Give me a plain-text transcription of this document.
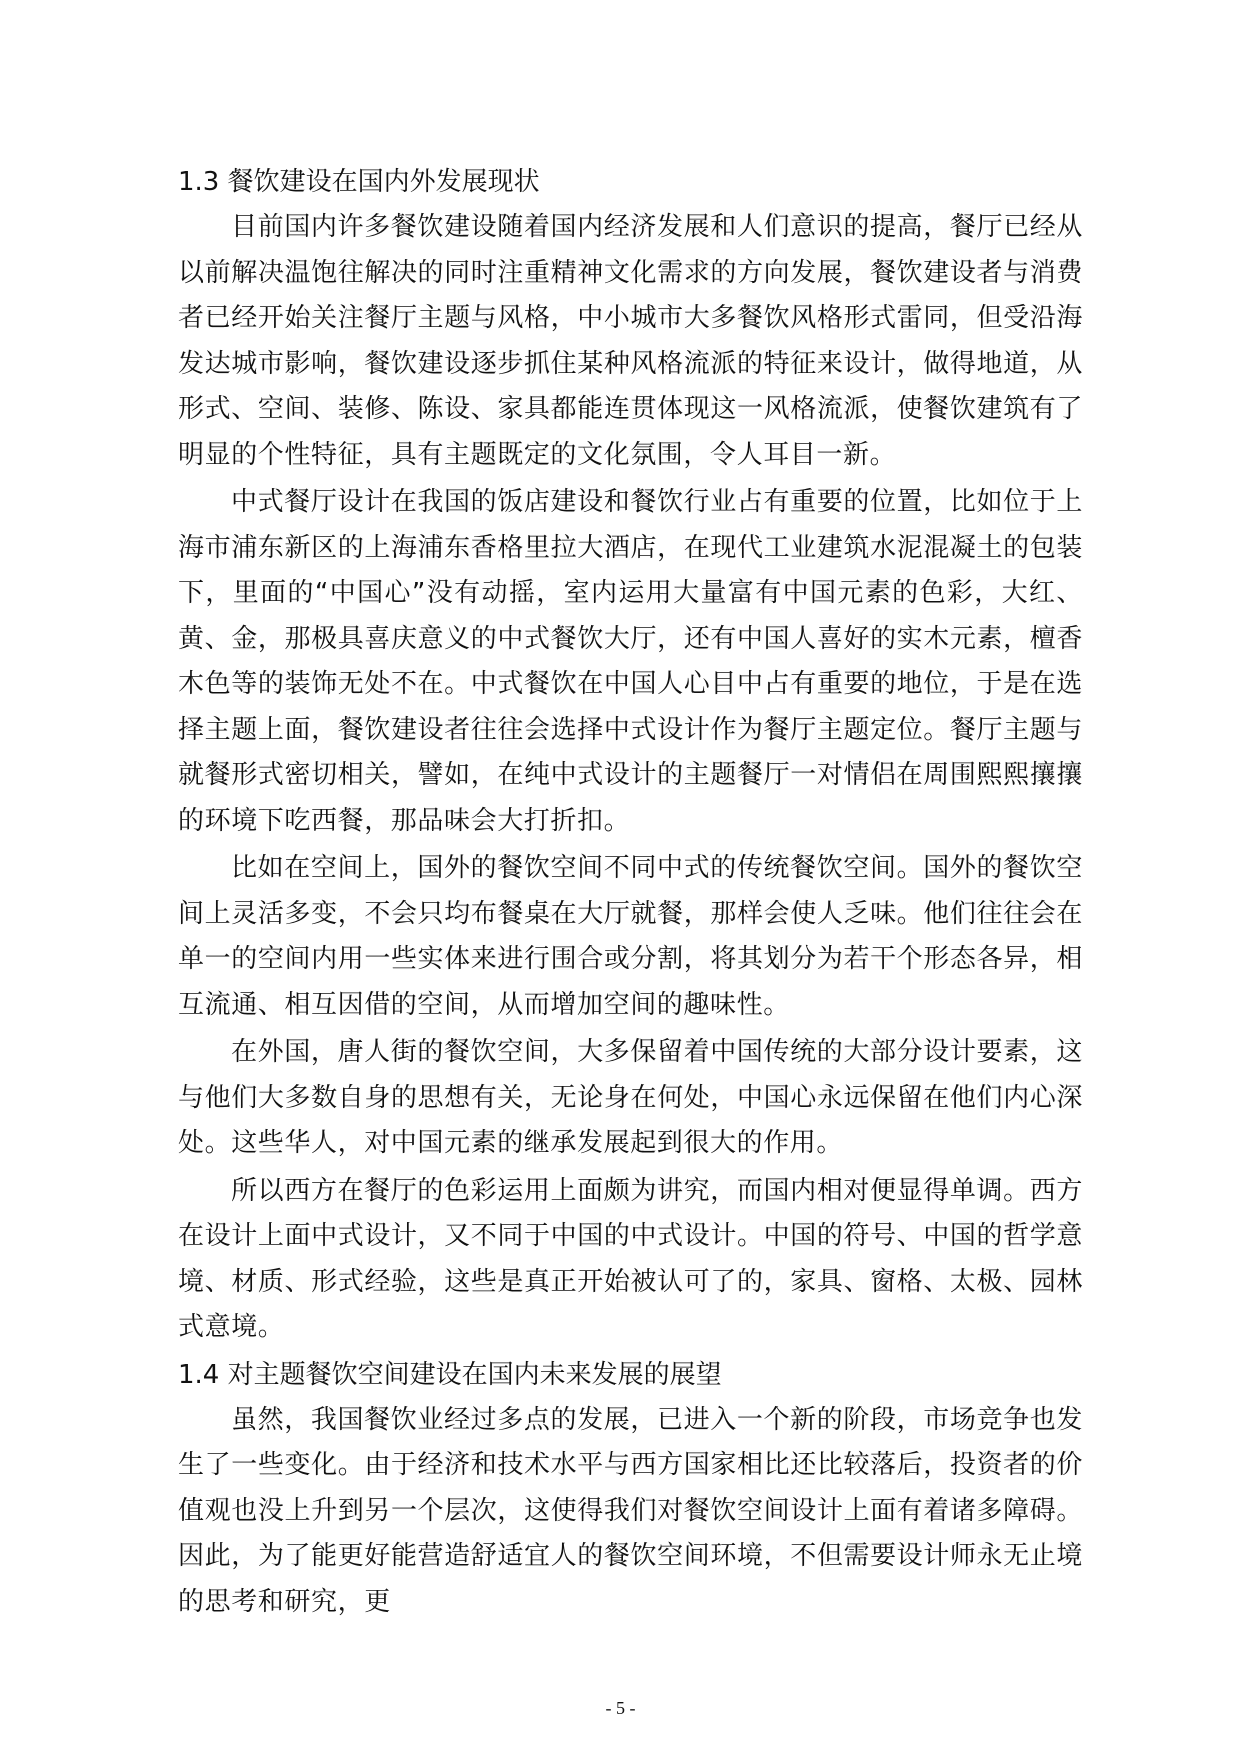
1.3 餐饮建设在国内外发展现状

目前国内许多餐饮建设随着国内经济发展和人们意识的提高，餐厅已经从以前解决温饱往解决的同时注重精神文化需求的方向发展，餐饮建设者与消费者已经开始关注餐厅主题与风格，中小城市大多餐饮风格形式雷同，但受沿海发达城市影响，餐饮建设逐步抓住某种风格流派的特征来设计，做得地道，从形式、空间、装修、陈设、家具都能连贯体现这一风格流派，使餐饮建筑有了明显的个性特征，具有主题既定的文化氛围，令人耳目一新。

中式餐厅设计在我国的饭店建设和餐饮行业占有重要的位置，比如位于上海市浦东新区的上海浦东香格里拉大酒店，在现代工业建筑水泥混凝土的包装下，里面的“中国心”没有动摇，室内运用大量富有中国元素的色彩，大红、黄、金，那极具喜庆意义的中式餐饮大厅，还有中国人喜好的实木元素，檀香木色等的装饰无处不在。中式餐饮在中国人心目中占有重要的地位，于是在选择主题上面，餐饮建设者往往会选择中式设计作为餐厅主题定位。餐厅主题与就餐形式密切相关，譬如，在纯中式设计的主题餐厅一对情侣在周围熙熙攘攘的环境下吃西餐，那品味会大打折扣。

比如在空间上，国外的餐饮空间不同中式的传统餐饮空间。国外的餐饮空间上灵活多变，不会只均布餐桌在大厅就餐，那样会使人乏味。他们往往会在单一的空间内用一些实体来进行围合或分割，将其划分为若干个形态各异，相互流通、相互因借的空间，从而增加空间的趣味性。

在外国，唐人街的餐饮空间，大多保留着中国传统的大部分设计要素，这与他们大多数自身的思想有关，无论身在何处，中国心永远保留在他们内心深处。这些华人，对中国元素的继承发展起到很大的作用。

所以西方在餐厅的色彩运用上面颇为讲究，而国内相对便显得单调。西方在设计上面中式设计，又不同于中国的中式设计。中国的符号、中国的哲学意境、材质、形式经验，这些是真正开始被认可了的，家具、窗格、太极、园林式意境。

1.4 对主题餐饮空间建设在国内未来发展的展望

虽然，我国餐饮业经过多点的发展，已进入一个新的阶段，市场竞争也发生了一些变化。由于经济和技术水平与西方国家相比还比较落后，投资者的价值观也没上升到另一个层次，这使得我们对餐饮空间设计上面有着诸多障碍。因此，为了能更好能营造舒适宜人的餐饮空间环境，不但需要设计师永无止境的思考和研究，更

- 5 -
